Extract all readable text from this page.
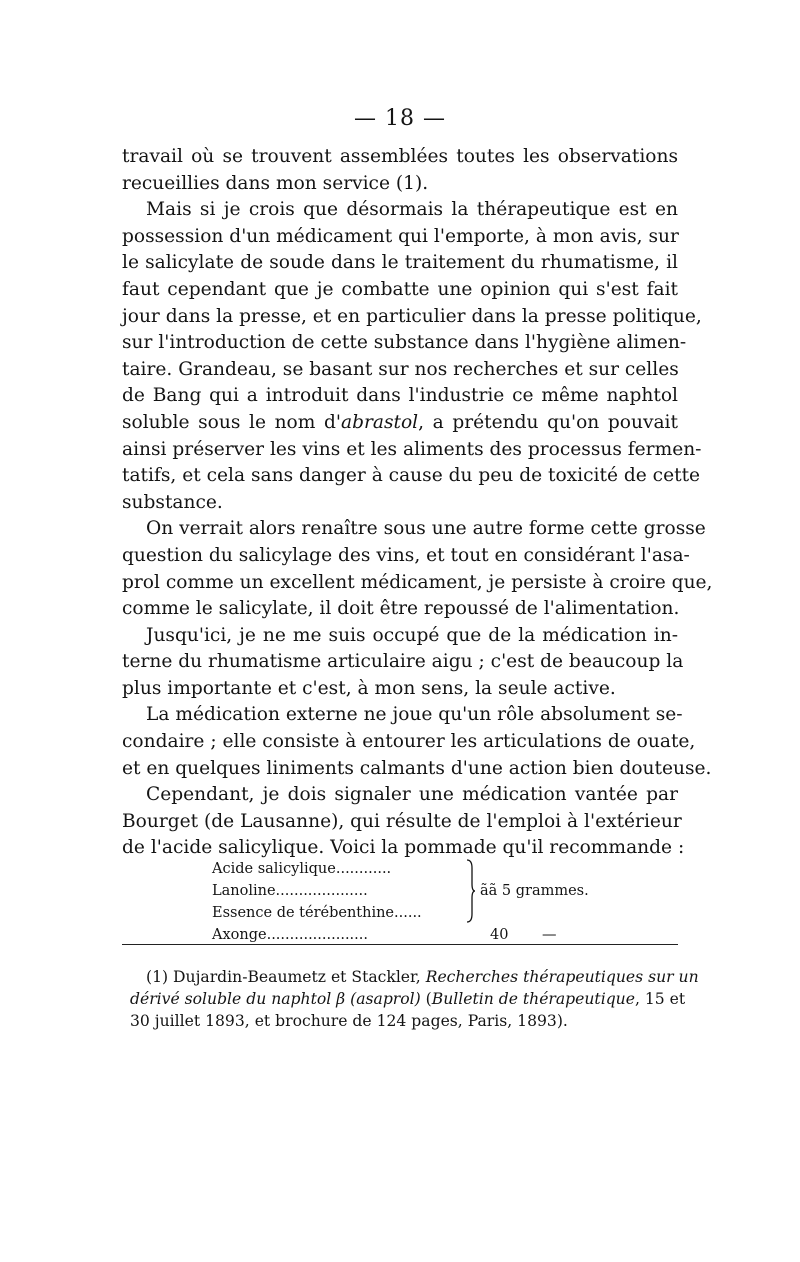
— 18 —
travail où se trouvent assemblées toutes les observations
recueillies dans mon service (1).
Mais si je crois que désormais la thérapeutique est en
possession d'un médicament qui l'emporte, à mon avis, sur
le salicylate de soude dans le traitement du rhumatisme, il
faut cependant que je combatte une opinion qui s'est fait
jour dans la presse, et en particulier dans la presse politique,
sur l'introduction de cette substance dans l'hygiène alimen-
taire. Grandeau, se basant sur nos recherches et sur celles
de Bang qui a introduit dans l'industrie ce même naphtol
soluble sous le nom d'abrastol, a prétendu qu'on pouvait
ainsi préserver les vins et les aliments des processus fermen-
tatifs, et cela sans danger à cause du peu de toxicité de cette
substance.
On verrait alors renaître sous une autre forme cette grosse
question du salicylage des vins, et tout en considérant l'asa-
prol comme un excellent médicament, je persiste à croire que,
comme le salicylate, il doit être repoussé de l'alimentation.
Jusqu'ici, je ne me suis occupé que de la médication in-
terne du rhumatisme articulaire aigu ; c'est de beaucoup la
plus importante et c'est, à mon sens, la seule active.
La médication externe ne joue qu'un rôle absolument se-
condaire ; elle consiste à entourer les articulations de ouate,
et en quelques liniments calmants d'une action bien douteuse.
Cependant, je dois signaler une médication vantée par
Bourget (de Lausanne), qui résulte de l'emploi à l'extérieur
de l'acide salicylique. Voici la pommade qu'il recommande :
Acide salicylique............
Lanoline....................
Essence de térébenthine......
Axonge......................
ãã 5 grammes.
40 —
(1) Dujardin-Beaumetz et Stackler, Recherches thérapeutiques sur un
dérivé soluble du naphtol β (asaprol) (Bulletin de thérapeutique, 15 et
30 juillet 1893, et brochure de 124 pages, Paris, 1893).
